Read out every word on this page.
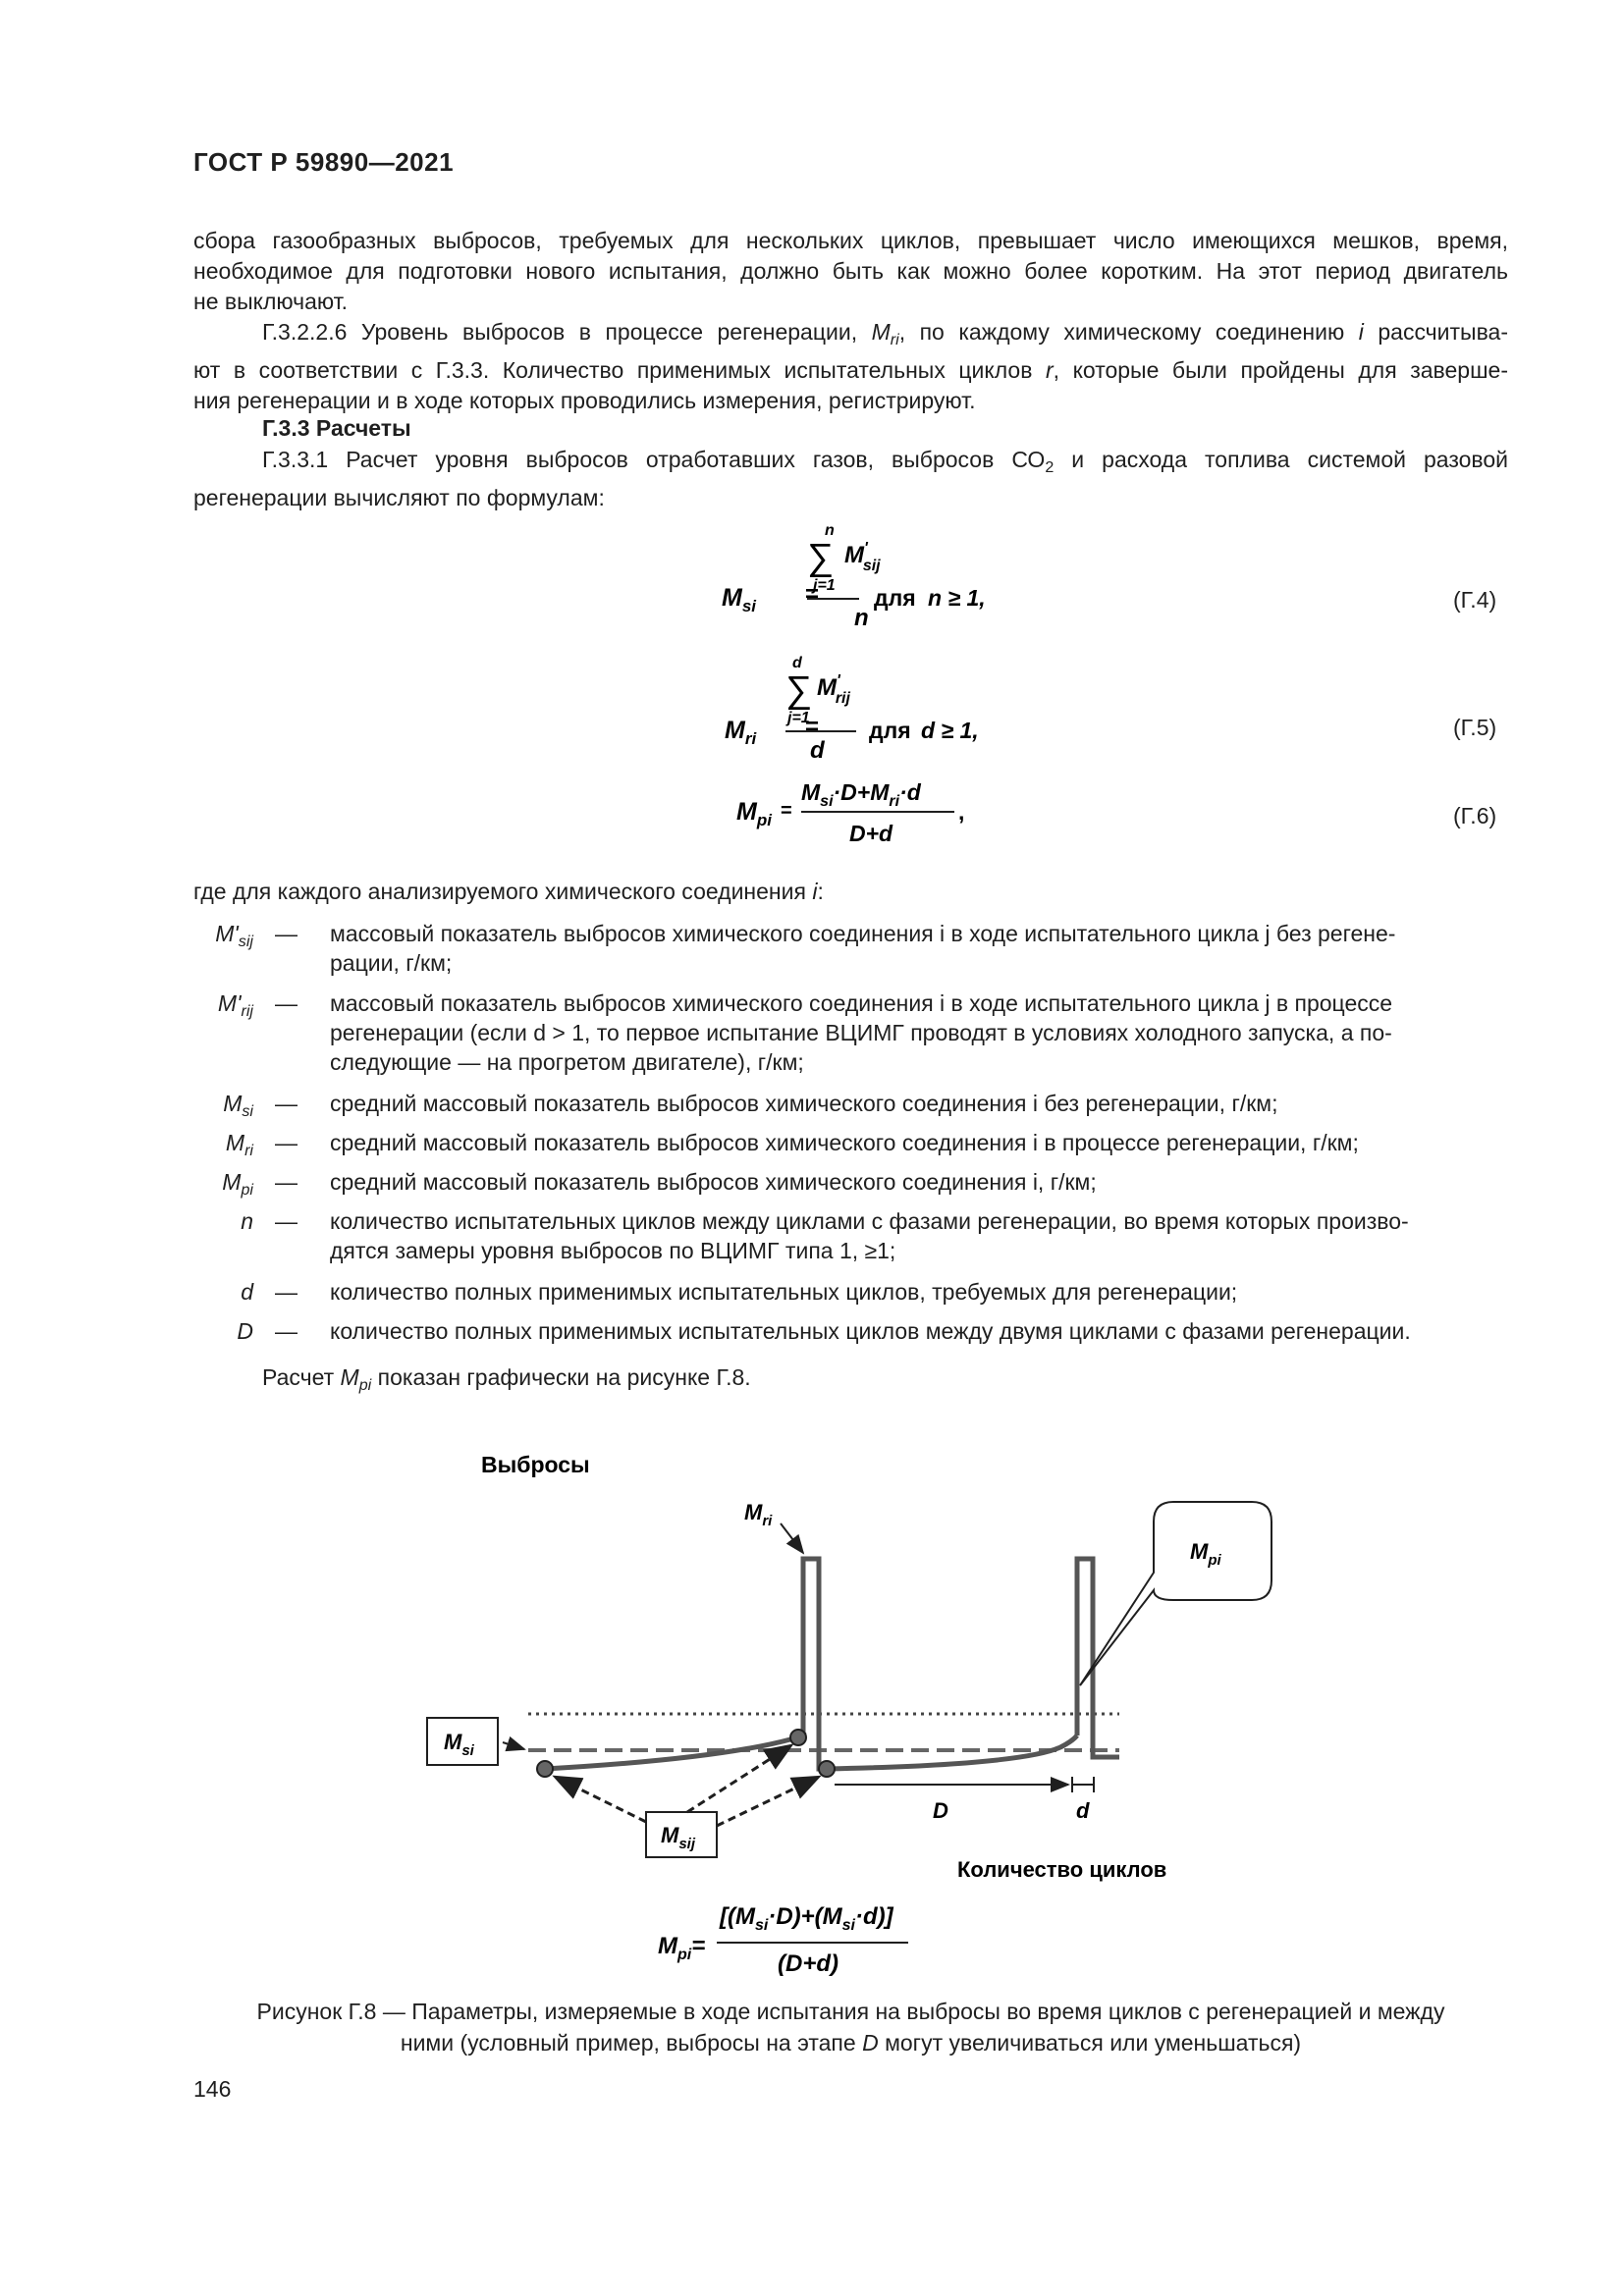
ГОСТ Р 59890—2021
сбора газообразных выбросов, требуемых для нескольких циклов, превышает число имеющихся мешков, время,
необходимое для подготовки нового испытания, должно быть как можно более коротким. На этот период двигатель
не выключают.
Г.3.2.2.6 Уровень выбросов в процессе регенерации, $M_{ri}$, по каждому химическому соединению i рассчитыва-
ют в соответствии с Г.3.3. Количество применимых испытательных циклов r, которые были пройдены для заверше-
ния регенерации и в ходе которых проводились измерения, регистрируют.
Г.3.3 Расчеты
Г.3.3.1 Расчет уровня выбросов отработавших газов, выбросов $СО_2$ и расхода топлива системой разовой
регенерации вычисляют по формулам:
$M_{si}$ =
n
∑
j=1
M' sij
n
для n ≥ 1,	(Г.4)
$M_{ri}$ =
d
∑
j=1
M' rij
d
для d ≥ 1,	(Г.5)
$M_{pi}$ =
$M_{si}\cdot D+M_{ri}\cdot d$
D+d
,	(Г.6)
где для каждого анализируемого химического соединения i:
$M'_{sij}$ — массовый показатель выбросов химического соединения i в ходе испытательного цикла j без регене-
рации, г/км;
$M'_{rij}$ — массовый показатель выбросов химического соединения i в ходе испытательного цикла j в процессе
регенерации (если d > 1, то первое испытание ВЦИМГ проводят в условиях холодного запуска, а по-
следующие — на прогретом двигателе), г/км;
$M_{si}$ — средний массовый показатель выбросов химического соединения i без регенерации, г/км;
$M_{ri}$ — средний массовый показатель выбросов химического соединения i в процессе регенерации, г/км;
$M_{pi}$ — средний массовый показатель выбросов химического соединения i, г/км;
n — количество испытательных циклов между циклами с фазами регенерации, во время которых произво-
дятся замеры уровня выбросов по ВЦИМГ типа 1, ≥1;
d — количество полных применимых испытательных циклов, требуемых для регенерации;
D — количество полных применимых испытательных циклов между двумя циклами с фазами регенерации.
Расчет $M_{pi}$ показан графически на рисунке Г.8.
Выбросы
Количество циклов
$M_{ri}$
$M_{pi}$
$M_{si}$
$M_{sij}$
D	d
$M_{pi}=$
$[(M_{si}\cdot D)+(M_{si}\cdot d)]$
(D+d)
Рисунок Г.8 — Параметры, измеряемые в ходе испытания на выбросы во время циклов с регенерацией и между
ними (условный пример, выбросы на этапе D могут увеличиваться или уменьшаться)
146
